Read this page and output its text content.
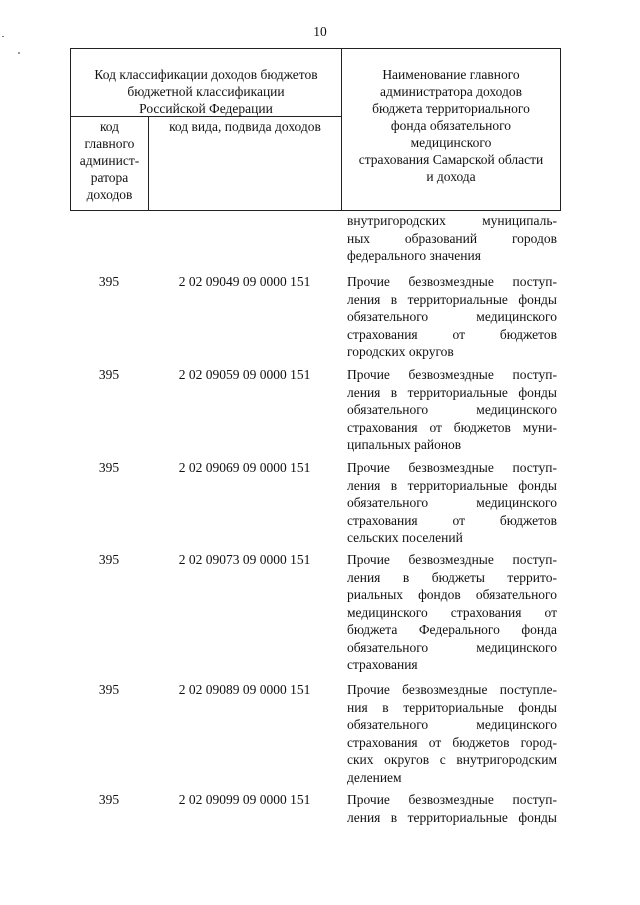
10
Код классификации доходов бюджетов
бюджетной классификации
Российской Федерации
код
главного
админист-
ратора
доходов
код вида, подвида доходов
Наименование главного
администратора доходов
бюджета территориального
фонда обязательного
медицинского
страхования Самарской области
и дохода
внутригородских муниципаль-
ных образований городов
федерального значения
395	2 02 09049 09 0000 151	Прочие безвозмездные поступ-
ления в территориальные фонды
обязательного медицинского
страхования от бюджетов
городских округов
395	2 02 09059 09 0000 151	Прочие безвозмездные поступ-
ления в территориальные фонды
обязательного медицинского
страхования от бюджетов муни-
ципальных районов
395	2 02 09069 09 0000 151	Прочие безвозмездные поступ-
ления в территориальные фонды
обязательного медицинского
страхования от бюджетов
сельских поселений
395	2 02 09073 09 0000 151	Прочие безвозмездные поступ-
ления в бюджеты террито-
риальных фондов обязательного
медицинского страхования от
бюджета Федерального фонда
обязательного медицинского
страхования
395	2 02 09089 09 0000 151	Прочие безвозмездные поступле-
ния в территориальные фонды
обязательного медицинского
страхования от бюджетов город-
ских округов с внутригородским
делением
395	2 02 09099 09 0000 151	Прочие безвозмездные поступ-
ления в территориальные фонды
